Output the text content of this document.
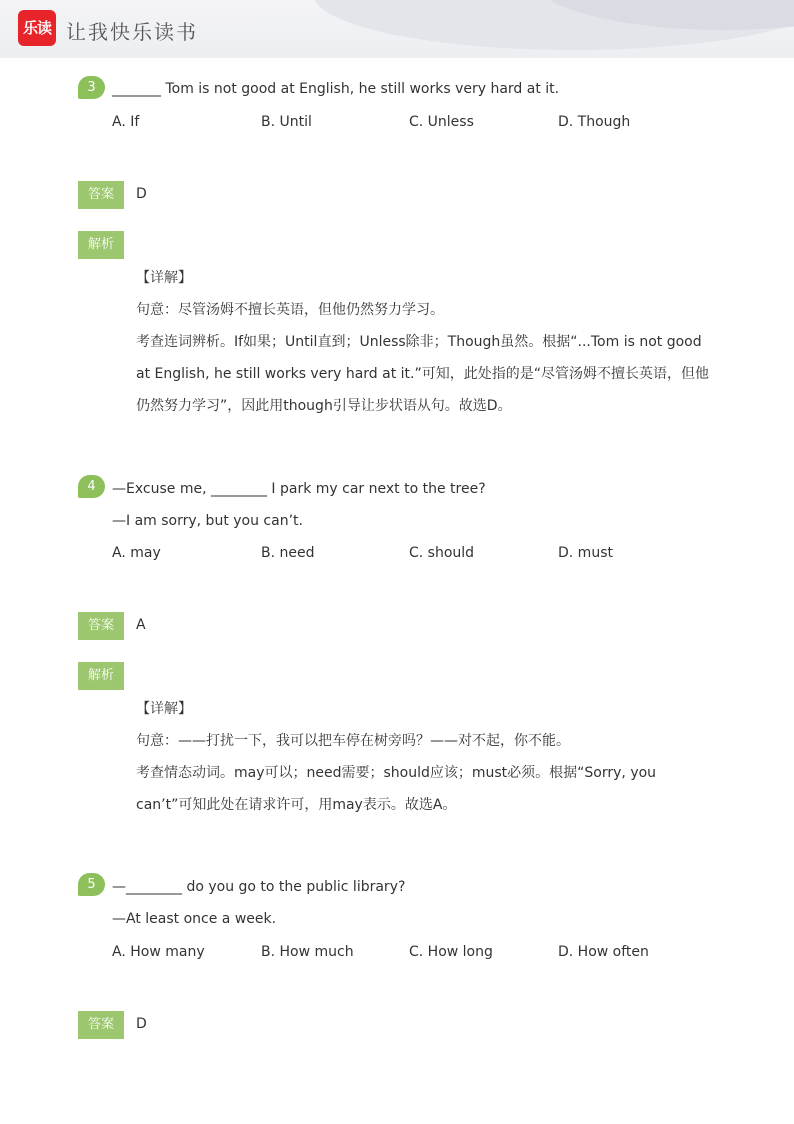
乐读 让我快乐读书
3	_______ Tom is not good at English, he still works very hard at it.
A. If	B. Until	C. Unless	D. Though
答案	D
解析

【详解】

句意：尽管汤姆不擅长英语，但他仍然努力学习。

考查连词辨析。If如果；Until直到；Unless除非；Though虽然。根据“...Tom is not good

at English, he still works very hard at it.”可知，此处指的是“尽管汤姆不擅长英语，但他

仍然努力学习”，因此用though引导让步状语从句。故选D。

4	—Excuse me, ________ I park my car next to the tree?
—I am sorry, but you can’t.
A. may	B. need	C. should	D. must
答案	A
解析

【详解】

句意：——打扰一下，我可以把车停在树旁吗？——对不起，你不能。

考查情态动词。may可以；need需要；should应该；must必须。根据“Sorry, you

can’t”可知此处在请求许可，用may表示。故选A。

5	—________ do you go to the public library?
—At least once a week.
A. How many	B. How much	C. How long	D. How often
答案	D
